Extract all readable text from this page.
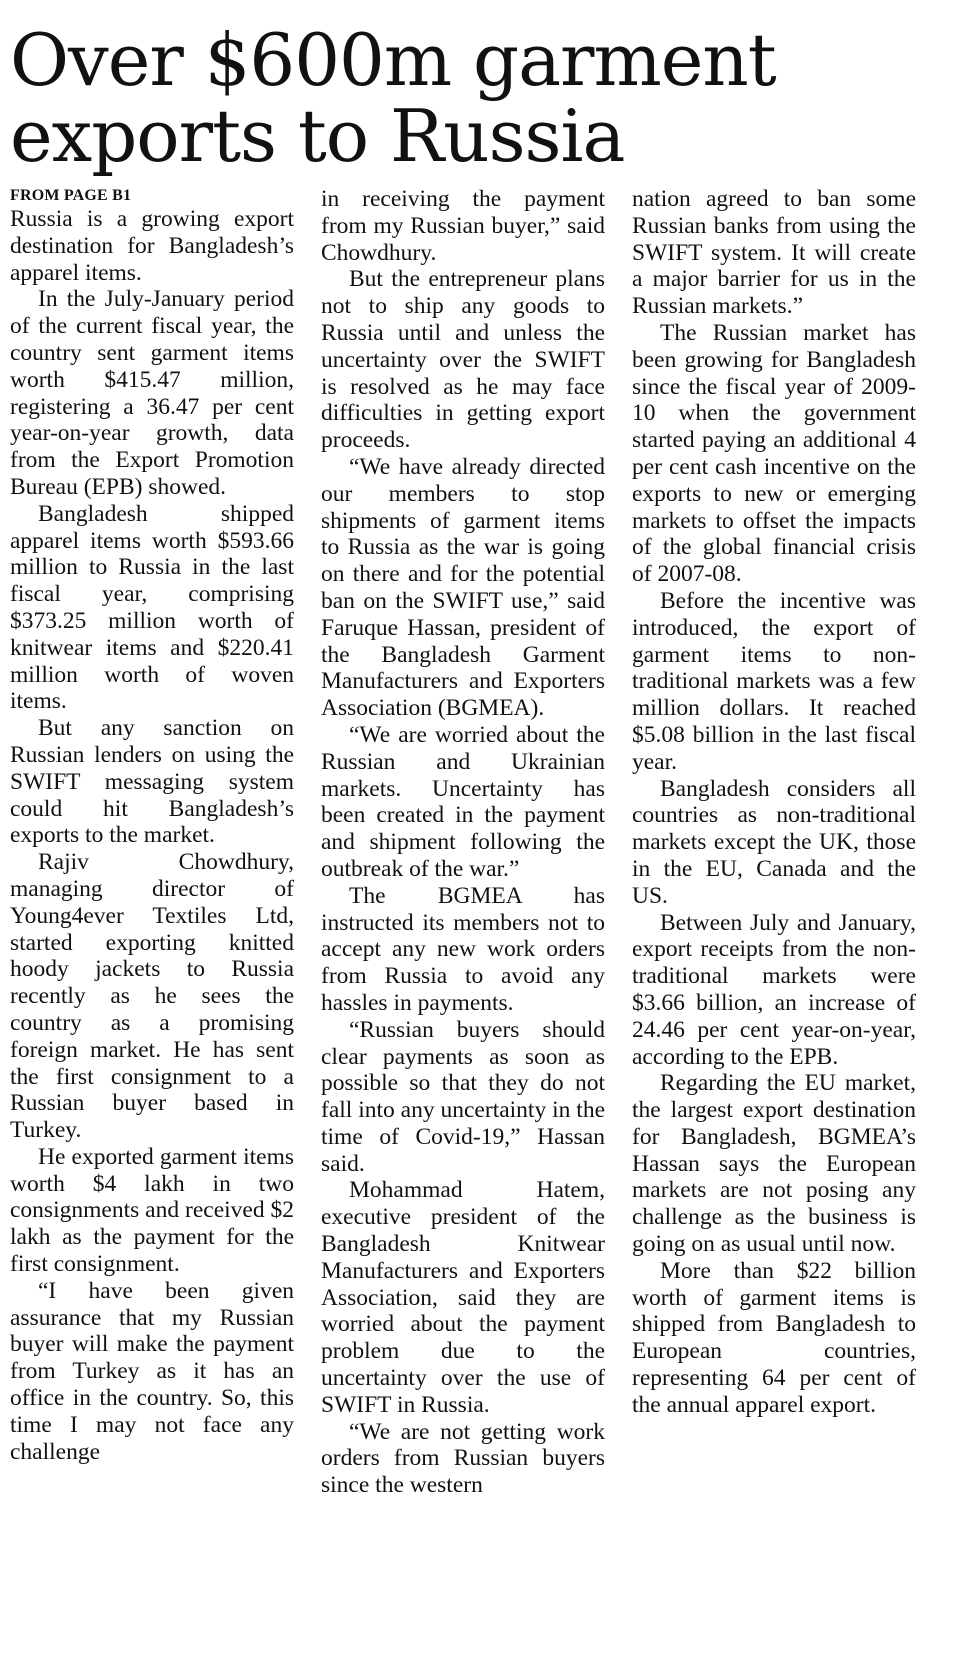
Over $600m garment exports to Russia
FROM PAGE B1

Russia is a growing export destination for Bangladesh’s apparel items.

In the July-January period of the current fiscal year, the country sent garment items worth $415.47 million, registering a 36.47 per cent year-on-year growth, data from the Export Promotion Bureau (EPB) showed.

Bangladesh shipped apparel items worth $593.66 million to Russia in the last fiscal year, comprising $373.25 million worth of knitwear items and $220.41 million worth of woven items.

But any sanction on Russian lenders on using the SWIFT messaging system could hit Bangladesh’s exports to the market.

Rajiv Chowdhury, managing director of Young4ever Textiles Ltd, started exporting knitted hoody jackets to Russia recently as he sees the country as a promising foreign market. He has sent the first consignment to a Russian buyer based in Turkey.

He exported garment items worth $4 lakh in two consignments and received $2 lakh as the payment for the first consignment.

“I have been given assurance that my Russian buyer will make the payment from Turkey as it has an office in the country. So, this time I may not face any challenge

in receiving the payment from my Russian buyer,” said Chowdhury.

But the entrepreneur plans not to ship any goods to Russia until and unless the uncertainty over the SWIFT is resolved as he may face difficulties in getting export proceeds.

“We have already directed our members to stop shipments of garment items to Russia as the war is going on there and for the potential ban on the SWIFT use,” said Faruque Hassan, president of the Bangladesh Garment Manufacturers and Exporters Association (BGMEA).

“We are worried about the Russian and Ukrainian markets. Uncertainty has been created in the payment and shipment following the outbreak of the war.”

The BGMEA has instructed its members not to accept any new work orders from Russia to avoid any hassles in payments.

“Russian buyers should clear payments as soon as possible so that they do not fall into any uncertainty in the time of Covid-19,” Hassan said.

Mohammad Hatem, executive president of the Bangladesh Knitwear Manufacturers and Exporters Association, said they are worried about the payment problem due to the uncertainty over the use of SWIFT in Russia.

“We are not getting work orders from Russian buyers since the western

nation agreed to ban some Russian banks from using the SWIFT system. It will create a major barrier for us in the Russian markets.”

The Russian market has been growing for Bangladesh since the fiscal year of 2009-10 when the government started paying an additional 4 per cent cash incentive on the exports to new or emerging markets to offset the impacts of the global financial crisis of 2007-08.

Before the incentive was introduced, the export of garment items to non-traditional markets was a few million dollars. It reached $5.08 billion in the last fiscal year.

Bangladesh considers all countries as non-traditional markets except the UK, those in the EU, Canada and the US.

Between July and January, export receipts from the non-traditional markets were $3.66 billion, an increase of 24.46 per cent year-on-year, according to the EPB.

Regarding the EU market, the largest export destination for Bangladesh, BGMEA’s Hassan says the European markets are not posing any challenge as the business is going on as usual until now.

More than $22 billion worth of garment items is shipped from Bangladesh to European countries, representing 64 per cent of the annual apparel export.
